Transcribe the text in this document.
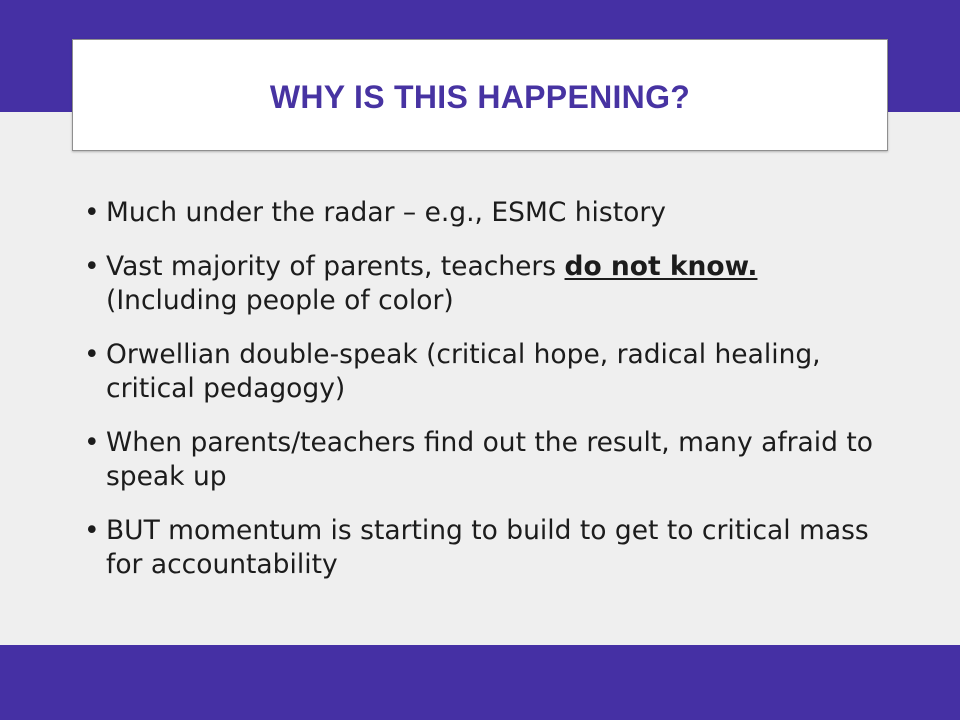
WHY IS THIS HAPPENING?
• Much under the radar – e.g., ESMC history
• Vast majority of parents, teachers do not know.
(Including people of color)
• Orwellian double-speak (critical hope, radical healing, critical pedagogy)
• When parents/teachers find out the result, many afraid to speak up
• BUT momentum is starting to build to get to critical mass for accountability
